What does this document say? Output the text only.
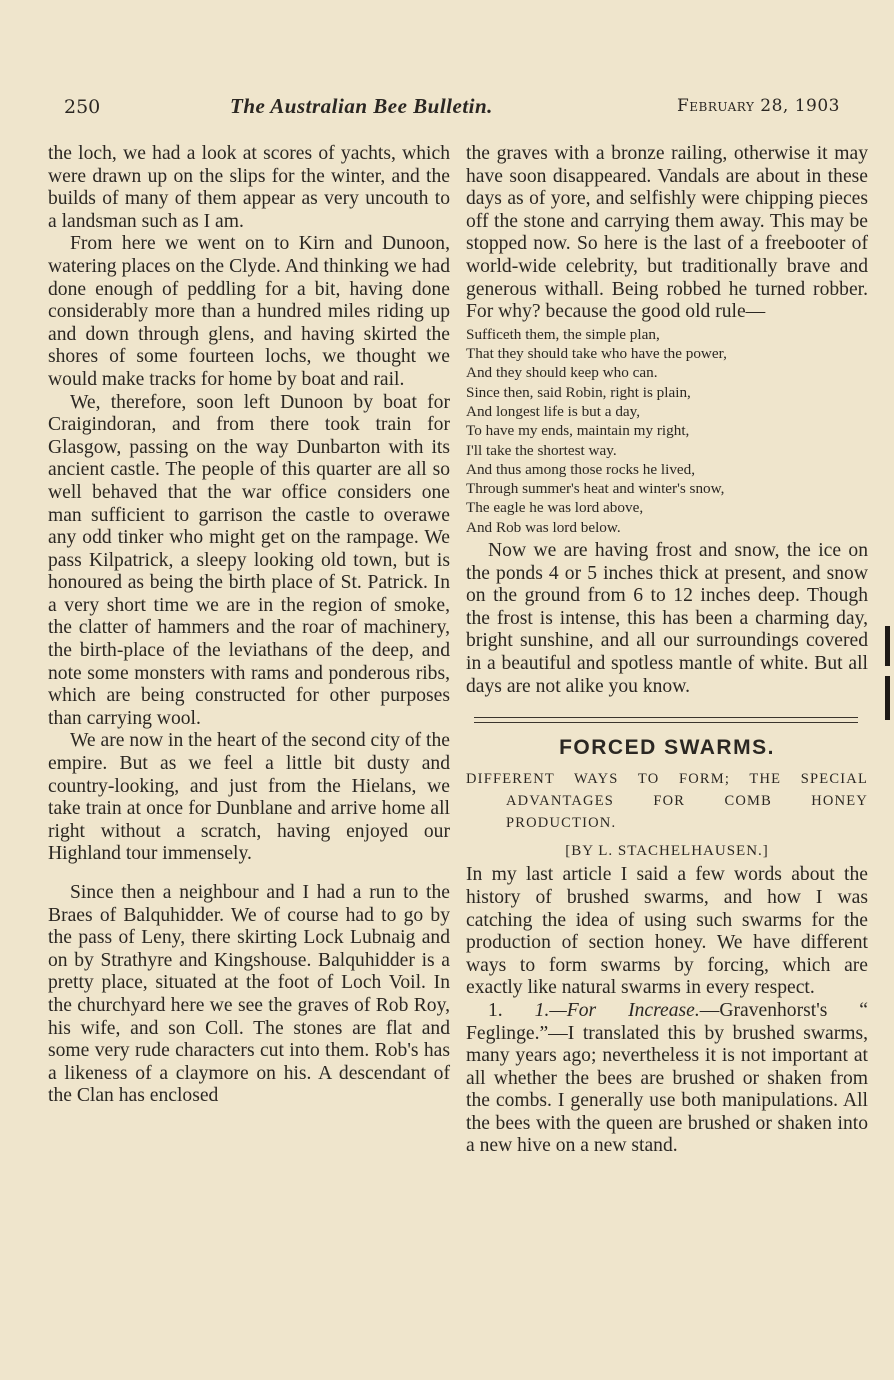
250	The Australian Bee Bulletin.	February 28, 1903

the loch, we had a look at scores of yachts, which were drawn up on the slips for the winter, and the builds of many of them appear as very uncouth to a landsman such as I am.

From here we went on to Kirn and Dunoon, watering places on the Clyde. And thinking we had done enough of peddling for a bit, having done considerably more than a hundred miles riding up and down through glens, and having skirted the shores of some fourteen lochs, we thought we would make tracks for home by boat and rail.

We, therefore, soon left Dunoon by boat for Craigindoran, and from there took train for Glasgow, passing on the way Dunbarton with its ancient castle. The people of this quarter are all so well behaved that the war office considers one man sufficient to garrison the castle to overawe any odd tinker who might get on the rampage. We pass Kilpatrick, a sleepy looking old town, but is honoured as being the birth place of St. Patrick. In a very short time we are in the region of smoke, the clatter of hammers and the roar of machinery, the birth-place of the leviathans of the deep, and note some monsters with rams and ponderous ribs, which are being constructed for other purposes than carrying wool.

We are now in the heart of the second city of the empire. But as we feel a little bit dusty and country-looking, and just from the Hielans, we take train at once for Dunblane and arrive home all right without a scratch, having enjoyed our Highland tour immensely.

Since then a neighbour and I had a run to the Braes of Balquhidder. We of course had to go by the pass of Leny, there skirting Lock Lubnaig and on by Strathyre and Kingshouse. Balquhidder is a pretty place, situated at the foot of Loch Voil. In the churchyard here we see the graves of Rob Roy, his wife, and son Coll. The stones are flat and some very rude characters cut into them. Rob's has a likeness of a claymore on his. A descendant of the Clan has enclosed

the graves with a bronze railing, otherwise it may have soon disappeared. Vandals are about in these days as of yore, and selfishly were chipping pieces off the stone and carrying them away. This may be stopped now. So here is the last of a freebooter of world-wide celebrity, but traditionally brave and generous withall. Being robbed he turned robber. For why? because the good old rule—

Sufficeth them, the simple plan,
That they should take who have the power,
And they should keep who can.
Since then, said Robin, right is plain,
And longest life is but a day,
To have my ends, maintain my right,
I'll take the shortest way.
And thus among those rocks he lived,
Through summer's heat and winter's snow,
The eagle he was lord above,
And Rob was lord below.

Now we are having frost and snow, the ice on the ponds 4 or 5 inches thick at present, and snow on the ground from 6 to 12 inches deep. Though the frost is intense, this has been a charming day, bright sunshine, and all our surroundings covered in a beautiful and spotless mantle of white. But all days are not alike you know.

FORCED SWARMS.

DIFFERENT WAYS TO FORM; THE SPECIAL ADVANTAGES FOR COMB HONEY PRODUCTION.

[BY L. STACHELHAUSEN.]

In my last article I said a few words about the history of brushed swarms, and how I was catching the idea of using such swarms for the production of section honey. We have different ways to form swarms by forcing, which are exactly like natural swarms in every respect.

1. 1.—For Increase.—Gravenhorst's “ Feglinge.”—I translated this by brushed swarms, many years ago; nevertheless it is not important at all whether the bees are brushed or shaken from the combs. I generally use both manipulations. All the bees with the queen are brushed or shaken into a new hive on a new stand.
